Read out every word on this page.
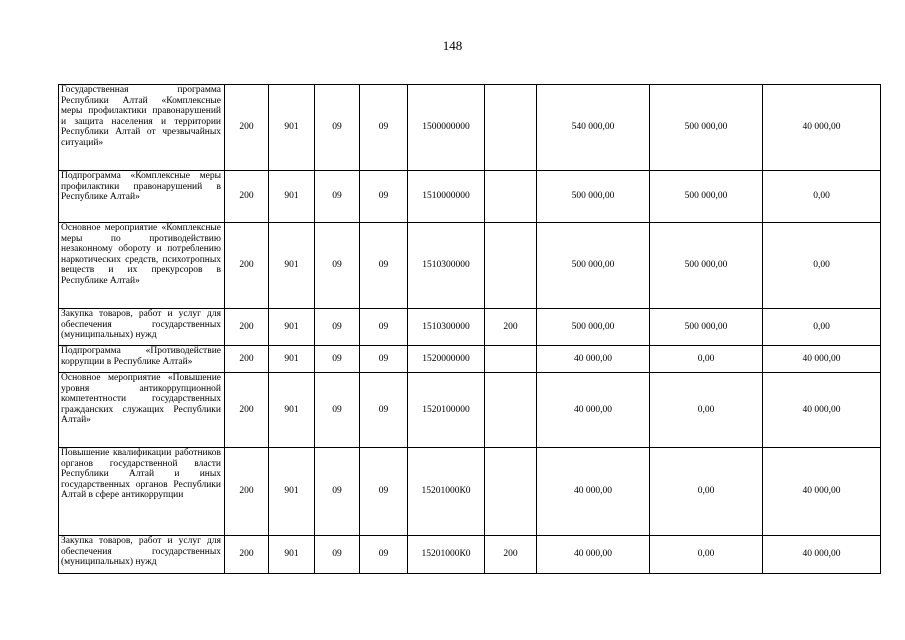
148
Государственная программа Республики Алтай «Комплексные меры профилактики правонарушений и защита населения и территории Республики Алтай от чрезвычайных ситуаций»	200	901	09	09	1500000000		540 000,00	500 000,00	40 000,00
Подпрограмма «Комплексные меры профилактики правонарушений в Республике Алтай»	200	901	09	09	1510000000		500 000,00	500 000,00	0,00
Основное мероприятие «Комплексные меры по противодействию незаконному обороту и потреблению наркотических средств, психотропных веществ и их прекурсоров в Республике Алтай»	200	901	09	09	1510300000		500 000,00	500 000,00	0,00
Закупка товаров, работ и услуг для обеспечения государственных (муниципальных) нужд	200	901	09	09	1510300000	200	500 000,00	500 000,00	0,00
Подпрограмма «Противодействие коррупции в Республике Алтай»	200	901	09	09	1520000000		40 000,00	0,00	40 000,00
Основное мероприятие «Повышение уровня антикоррупционной компетентности государственных гражданских служащих Республики Алтай»	200	901	09	09	1520100000		40 000,00	0,00	40 000,00
Повышение квалификации работников органов государственной власти Республики Алтай и иных государственных органов Республики Алтай в сфере антикоррупции	200	901	09	09	15201000К0		40 000,00	0,00	40 000,00
Закупка товаров, работ и услуг для обеспечения государственных (муниципальных) нужд	200	901	09	09	15201000К0	200	40 000,00	0,00	40 000,00
